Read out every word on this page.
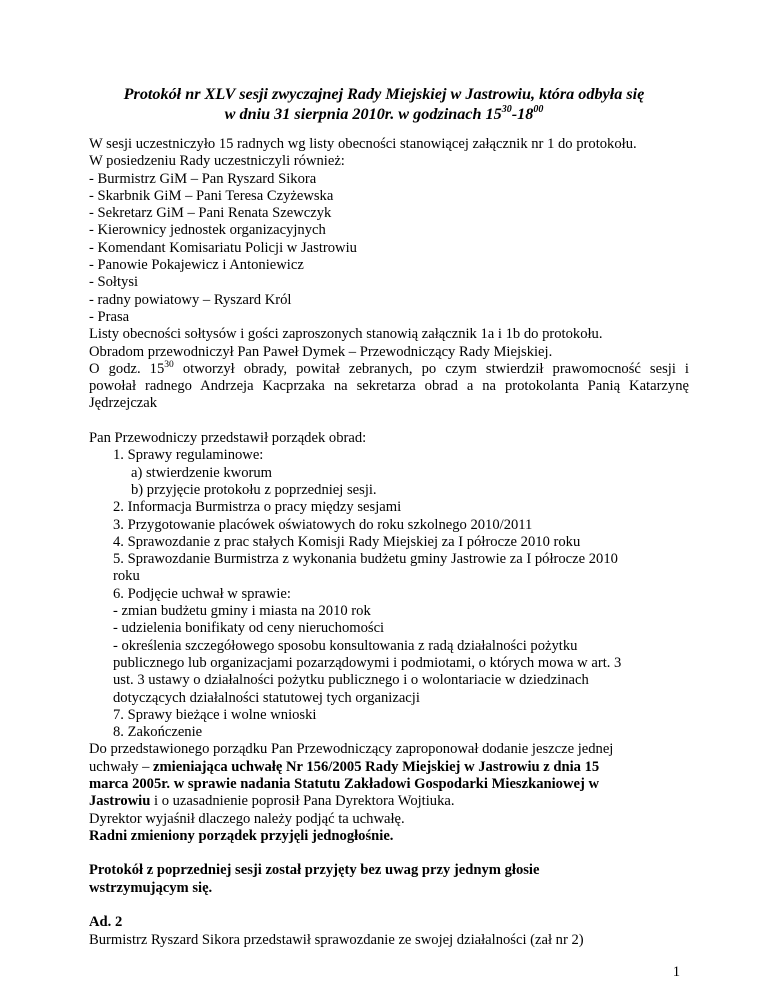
Protokół nr XLV sesji zwyczajnej Rady Miejskiej w Jastrowiu, która odbyła się
w dniu 31 sierpnia 2010r. w godzinach $15^{30}-18^{00}$
W sesji uczestniczyło 15 radnych wg listy obecności stanowiącej załącznik nr 1 do protokołu.
W posiedzeniu Rady uczestniczyli również:
- Burmistrz GiM – Pan Ryszard Sikora
- Skarbnik GiM – Pani Teresa Czyżewska
- Sekretarz GiM – Pani Renata Szewczyk
- Kierownicy jednostek organizacyjnych
- Komendant Komisariatu Policji w Jastrowiu
- Panowie Pokajewicz i Antoniewicz
- Sołtysi
- radny powiatowy – Ryszard Król
- Prasa
Listy obecności sołtysów i gości zaproszonych stanowią załącznik 1a i 1b do protokołu.
Obradom przewodniczył Pan Paweł Dymek – Przewodniczący Rady Miejskiej.
O godz. $15^{30}$ otworzył obrady, powitał zebranych, po czym stwierdził prawomocność sesji i
powołał radnego Andrzeja Kacprzaka na sekretarza obrad a na protokolanta Panią Katarzynę
Jędrzejczak
Pan Przewodniczy przedstawił porządek obrad:
1. Sprawy regulaminowe:
a) stwierdzenie kworum
b) przyjęcie protokołu z poprzedniej sesji.
2. Informacja Burmistrza o pracy między sesjami
3. Przygotowanie placówek oświatowych do roku szkolnego 2010/2011
4. Sprawozdanie z prac stałych Komisji Rady Miejskiej za I półrocze 2010 roku
5. Sprawozdanie Burmistrza z wykonania budżetu gminy Jastrowie za I półrocze 2010
roku
6. Podjęcie uchwał w sprawie:
- zmian budżetu gminy i miasta na 2010 rok
- udzielenia bonifikaty od ceny nieruchomości
- określenia szczegółowego sposobu konsultowania z radą działalności pożytku
publicznego lub organizacjami pozarządowymi i podmiotami, o których mowa w art. 3
ust. 3 ustawy o działalności pożytku publicznego i o wolontariacie w dziedzinach
dotyczących działalności statutowej tych organizacji
7. Sprawy bieżące i wolne wnioski
8. Zakończenie
Do przedstawionego porządku Pan Przewodniczący zaproponował dodanie jeszcze jednej
uchwały – zmieniająca uchwałę Nr 156/2005 Rady Miejskiej w Jastrowiu z dnia 15
marca 2005r. w sprawie nadania Statutu Zakładowi Gospodarki Mieszkaniowej w
Jastrowiu i o uzasadnienie poprosił Pana Dyrektora Wojtiuka.
Dyrektor wyjaśnił dlaczego należy podjąć ta uchwałę.
Radni zmieniony porządek przyjęli jednogłośnie.
Protokół z poprzedniej sesji został przyjęty bez uwag przy jednym głosie
wstrzymującym się.
Ad. 2
Burmistrz Ryszard Sikora przedstawił sprawozdanie ze swojej działalności (zał nr 2)
1
